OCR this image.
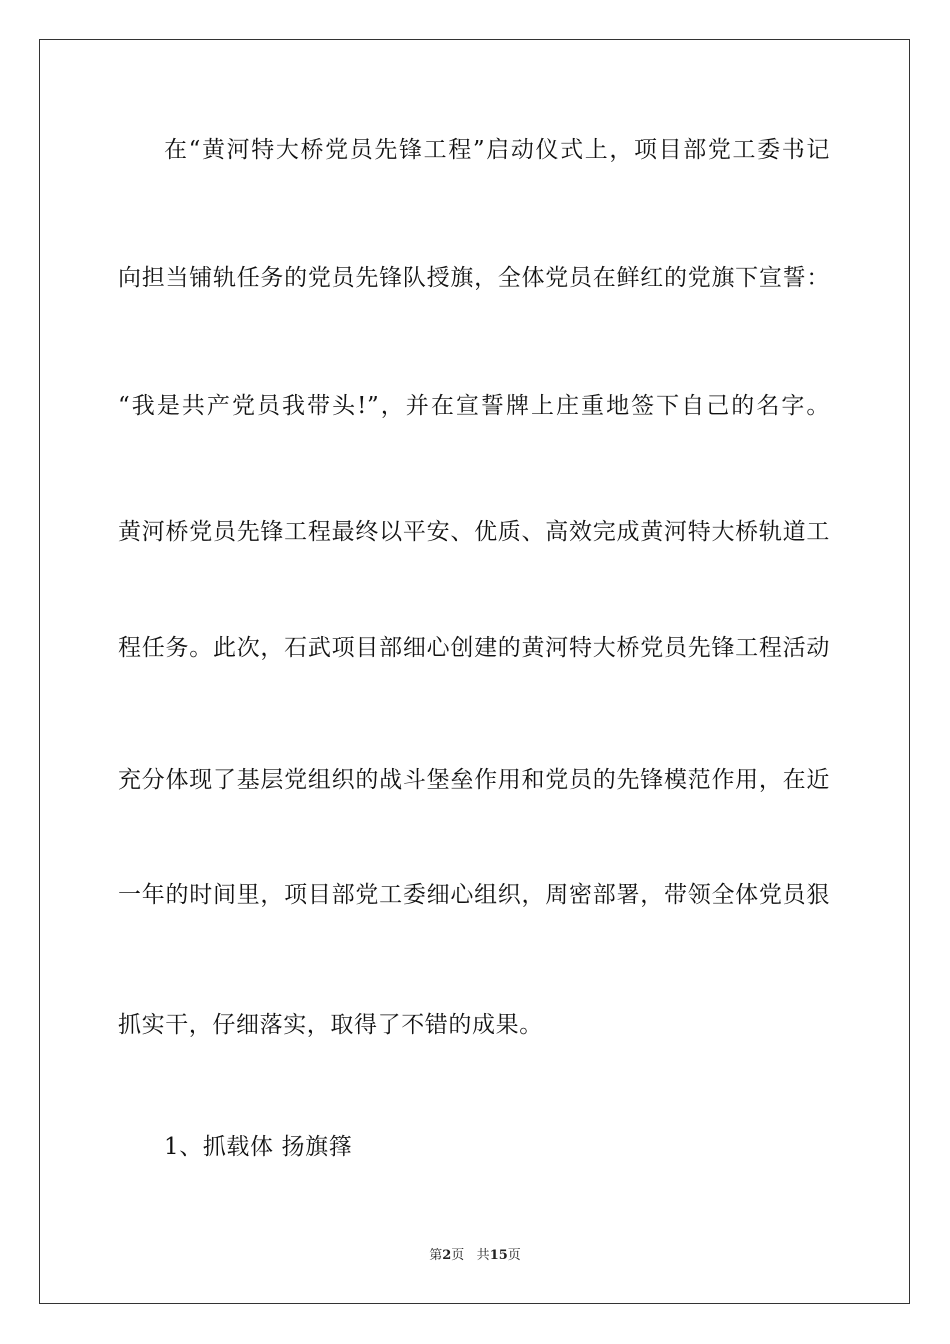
在“黄河特大桥党员先锋工程”启动仪式上，项目部党工委书记
向担当铺轨任务的党员先锋队授旗，全体党员在鲜红的党旗下宣誓：
“我是共产党员我带头!”，并在宣誓牌上庄重地签下自己的名字。
黄河桥党员先锋工程最终以平安、优质、高效完成黄河特大桥轨道工
程任务。此次，石武项目部细心创建的黄河特大桥党员先锋工程活动
充分体现了基层党组织的战斗堡垒作用和党员的先锋模范作用，在近
一年的时间里，项目部党工委细心组织，周密部署，带领全体党员狠
抓实干，仔细落实，取得了不错的成果。
1、抓载体 扬旗箨
第2页 共15页
